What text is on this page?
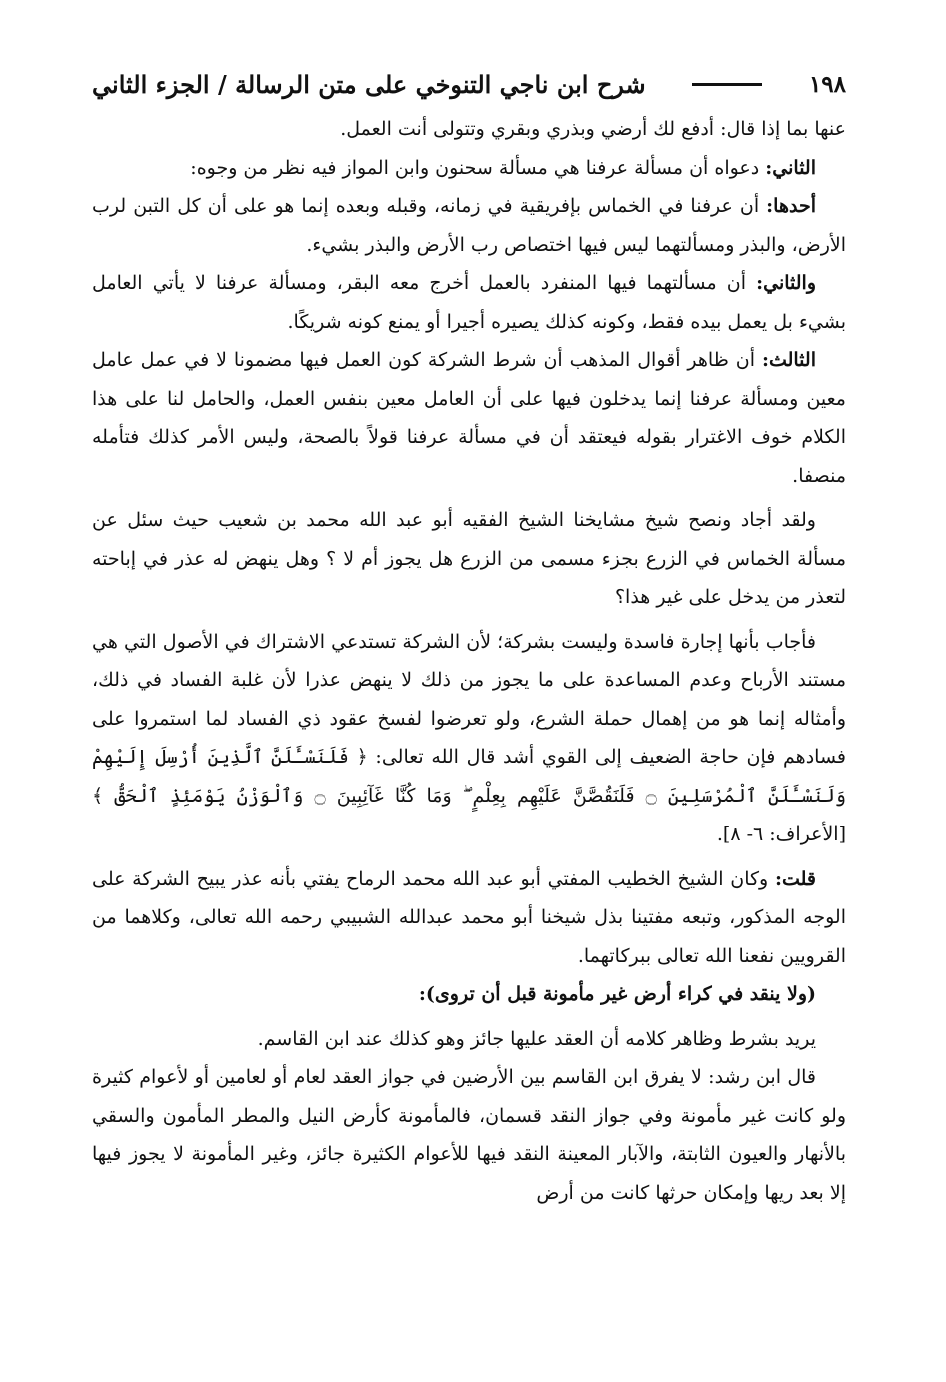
١٩٨
شرح ابن ناجي التنوخي على متن الرسالة / الجزء الثاني

عنها بما إذا قال: أدفع لك أرضي وبذري وبقري وتتولى أنت العمل.

الثاني: دعواه أن مسألة عرفنا هي مسألة سحنون وابن المواز فيه نظر من وجوه:

أحدها: أن عرفنا في الخماس بإفريقية في زمانه، وقبله وبعده إنما هو على أن كل التبن لرب الأرض، والبذر ومسألتهما ليس فيها اختصاص رب الأرض والبذر بشيء.

والثاني: أن مسألتهما فيها المنفرد بالعمل أخرج معه البقر، ومسألة عرفنا لا يأتي العامل بشيء بل يعمل بيده فقط، وكونه كذلك يصيره أجيرا أو يمنع كونه شريكًا.

الثالث: أن ظاهر أقوال المذهب أن شرط الشركة كون العمل فيها مضمونا لا في عمل عامل معين ومسألة عرفنا إنما يدخلون فيها على أن العامل معين بنفس العمل، والحامل لنا على هذا الكلام خوف الاغترار بقوله فيعتقد أن في مسألة عرفنا قولاً بالصحة، وليس الأمر كذلك فتأمله منصفا.

ولقد أجاد ونصح شيخ مشايخنا الشيخ الفقيه أبو عبد الله محمد بن شعيب حيث سئل عن مسألة الخماس في الزرع بجزء مسمى من الزرع هل يجوز أم لا ؟ وهل ينهض له عذر في إباحته لتعذر من يدخل على غير هذا؟

فأجاب بأنها إجارة فاسدة وليست بشركة؛ لأن الشركة تستدعي الاشتراك في الأصول التي هي مستند الأرباح وعدم المساعدة على ما يجوز من ذلك لا ينهض عذرا لأن غلبة الفساد في ذلك، وأمثاله إنما هو من إهمال حملة الشرع، ولو تعرضوا لفسخ عقود ذي الفساد لما استمروا على فسادهم فإن حاجة الضعيف إلى القوي أشد قال الله تعالى: ﴿ فَلَنَسْـَٔلَنَّ ٱلَّذِينَ أُرْسِلَ إِلَيْهِمْ وَلَنَسْـَٔلَنَّ ٱلْمُرْسَلِينَ ۝ فَلَنَقُصَّنَّ عَلَيْهِم بِعِلْمٍ ۖ وَمَا كُنَّا غَآئِبِينَ ۝ وَٱلْوَزْنُ يَوْمَئِذٍ ٱلْحَقُّ ﴾ [الأعراف: ٦- ٨].

قلت: وكان الشيخ الخطيب المفتي أبو عبد الله محمد الرماح يفتي بأنه عذر يبيح الشركة على الوجه المذكور، وتبعه مفتينا بذل شيخنا أبو محمد عبدالله الشبيبي رحمه الله تعالى، وكلاهما من القرويين نفعنا الله تعالى ببركاتهما.

(ولا ينقد في كراء أرض غير مأمونة قبل أن تروى):

يريد بشرط وظاهر كلامه أن العقد عليها جائز وهو كذلك عند ابن القاسم.

قال ابن رشد: لا يفرق ابن القاسم بين الأرضين في جواز العقد لعام أو لعامين أو لأعوام كثيرة ولو كانت غير مأمونة وفي جواز النقد قسمان، فالمأمونة كأرض النيل والمطر المأمون والسقي بالأنهار والعيون الثابتة، والآبار المعينة النقد فيها للأعوام الكثيرة جائز، وغير المأمونة لا يجوز فيها إلا بعد ريها وإمكان حرثها كانت من أرض
